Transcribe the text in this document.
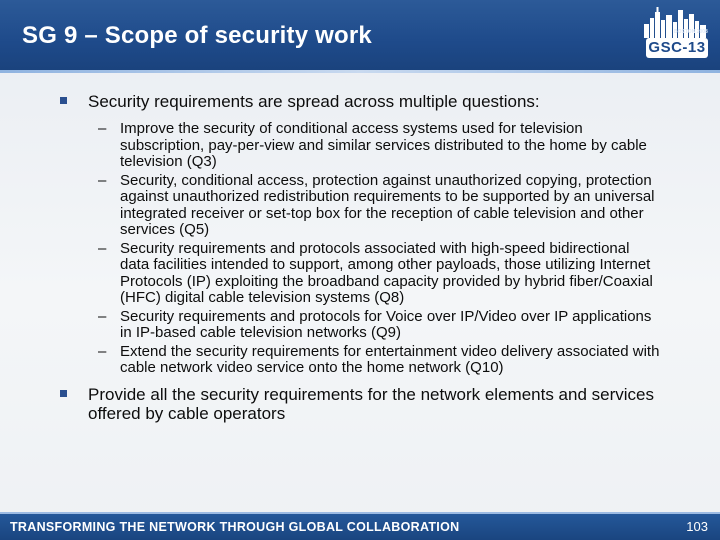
SG 9 – Scope of security work	BOSTON 2008
GSC-13
Security requirements are spread across multiple questions:
– Improve the security of conditional access systems used for television subscription, pay-per-view and similar services distributed to the home by cable television (Q3)
– Security, conditional access, protection against unauthorized copying, protection against unauthorized redistribution requirements to be supported by an universal integrated receiver or set-top box for the reception of cable television and other services (Q5)
– Security requirements and protocols associated with high-speed bidirectional data facilities intended to support, among other payloads, those utilizing Internet Protocols (IP) exploiting the broadband capacity provided by hybrid fiber/Coaxial (HFC) digital cable television systems (Q8)
– Security requirements and protocols for Voice over IP/Video over IP applications in IP-based cable television networks (Q9)
– Extend the security requirements for entertainment video delivery associated with cable network video service onto the home network (Q10)
Provide all the security requirements for the network elements and services offered by cable operators
TRANSFORMING THE NETWORK THROUGH GLOBAL COLLABORATION	103
